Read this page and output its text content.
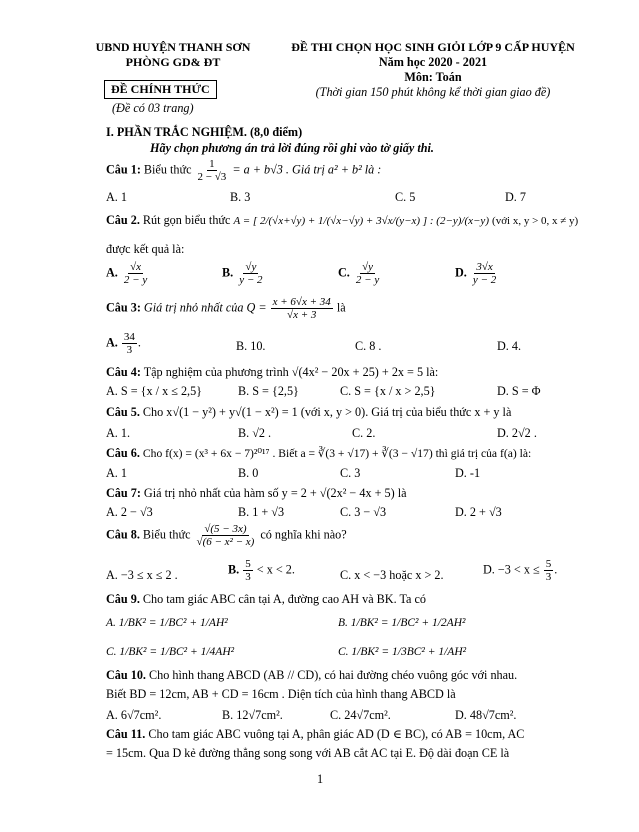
UBND HUYỆN THANH SƠN
PHÒNG GD& ĐT
ĐỀ CHÍNH THỨC
(Đề có 03 trang)
ĐỀ THI CHỌN HỌC SINH GIỎI LỚP 9 CẤP HUYỆN
Năm học 2020 - 2021
Môn: Toán
(Thời gian 150 phút không kể thời gian giao đề)
I. PHẦN TRẮC NGHIỆM. (8,0 điểm)
Hãy chọn phương án trả lời đúng rồi ghi vào tờ giấy thi.
Câu 1: Biểu thức $\frac{1}{2 - √3} = a + b√3$ . Giá trị a² + b² là :
A. 1	B. 3	C. 5	D. 7
Câu 2. Rút gọn biểu thức A = [ 2/(√x+√y) + 1/(√x−√y) + 3√x/(y−x) ] : (2−y)/(x−y) (với x, y > 0, x ≠ y)
được kết quả là:
A. $\frac{√x}{2 - y}$	B. $\frac{√y}{y - 2}$	C. $\frac{√y}{2 - y}$	D. $\frac{3√x}{y - 2}$
Câu 3: Giá trị nhỏ nhất của $Q = \frac{x + 6√x + 34}{√x + 3}$ là
A. $\frac{34}{3}$ .	B. 10.	C. 8 .	D. 4.
Câu 4: Tập nghiệm của phương trình √(4x² − 20x + 25) + 2x = 5 là:
A. S = {x / x ≤ 2,5}	B. S = {2,5}	C. S = {x / x > 2,5}	D. S = Φ
Câu 5. Cho x√(1 − y²) + y√(1 − x²) = 1 (với x, y > 0). Giá trị của biểu thức x + y là
A. 1.	B. √2 .	C. 2.	D. 2√2 .
Câu 6. Cho f(x) = (x³ + 6x − 7)²⁰¹⁷ . Biết a = ∛(3 + √17) + ∛(3 − √17) thì giá trị của f(a) là:
A. 1	B. 0	C. 3	D. -1
Câu 7: Giá trị nhỏ nhất của hàm số y = 2 + √(2x² − 4x + 5) là
A. 2 − √3	B. 1 + √3	C. 3 − √3	D. 2 + √3
Câu 8. Biểu thức $\frac{√(5 - 3x)}{\text{√(6 − x² − x)}}$ có nghĩa khi nào?
A. −3 ≤ x ≤ 2 .	B. $\frac{5}{3} < x < 2$.	C. x < −3 hoặc x > 2.	D. $-3 < x \le \frac{5}{3}$ .
Câu 9. Cho tam giác ABC cân tại A, đường cao AH và BK. Ta có
A. 1/BK² = 1/BC² + 1/AH²	B. 1/BK² = 1/BC² + 1/2AH²
C. 1/BK² = 1/BC² + 1/4AH²	C. 1/BK² = 1/3BC² + 1/AH²
Câu 10. Cho hình thang ABCD (AB // CD), có hai đường chéo vuông góc với nhau.
Biết BD = 12cm, AB + CD = 16cm . Diện tích của hình thang ABCD là
A. 6√7cm².	B. 12√7cm².	C. 24√7cm².	D. 48√7cm².
Câu 11. Cho tam giác ABC vuông tại A, phân giác AD (D ∈ BC), có AB = 10cm, AC
= 15cm. Qua D kẻ đường thẳng song song với AB cắt AC tại E. Độ dài đoạn CE là
1
